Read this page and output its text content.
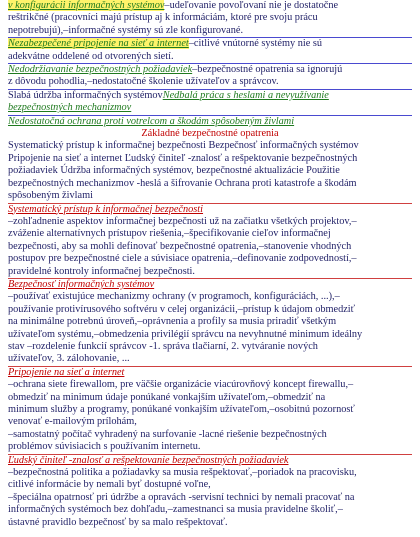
v konfigurácii informačných systémov–udeľovanie povoľovaní nie je dostatočne

reštrikčné (pracovníci majú prístup aj k informáciám, ktoré pre svoju prácu

nepotrebujú),–informačné systémy sú zle konfigurované.

Nezabezpečené pripojenie na sieť a internet–citlivé vnútorné systémy nie sú

adekvátne oddelené od otvorených sietí.

Nedodržiavanie bezpečnostných požiadaviek–bezpečnostné opatrenia sa ignorujú

z dôvodu pohodlia,–nedostatočné školenie užívateľov a správcov.

Slabá údržba informačných systémovNedbalá práca s heslami a nevyužívanie

bezpečnostných mechanizmov

Nedostatočná ochrana proti votrelcom a škodám spôsobeným živlami

Základné bezpečnostné opatrenia

Systematický prístup k informačnej bezpečnosti Bezpečnosť informačných systémov

Pripojenie na sieť a internet Ľudský činiteľ -znalosť a rešpektovanie bezpečnostných

požiadaviek Údržba informačných systémov, bezpečnostné aktualizácie Použitie

bezpečnostných mechanizmov -heslá a šifrovanie Ochrana proti katastrofe a škodám

spôsobeným živlami

Systematický prístup k informačnej bezpečnosti

–zohľadnenie aspektov informačnej bezpečnosti už na začiatku všetkých projektov,–

zváženie alternatívnych prístupov riešenia,–špecifikovanie cieľov informačnej

bezpečnosti, aby sa mohli definovať bezpečnostné opatrenia,–stanovenie vhodných

postupov pre bezpečnostné ciele a súvisiace opatrenia,–definovanie zodpovedností,–

pravidelné kontroly informačnej bezpečnosti.

Bezpečnosť informačných systémov

–používať existujúce mechanizmy ochrany (v programoch, konfiguráciách, ...),–

používanie protivírusového softvéru v celej organizácii,–prístup k údajom obmedziť

na minimálne potrebnú úroveň,–oprávnenia a profily sa musia priradiť všetkým

užívateľom systému,–obmedzenia privilégií správcu na nevyhnutné minimum ideálny

stav –rozdelenie funkcií správcov -1. správa tlačiarní, 2. vytváranie nových

užívateľov, 3. zálohovanie, ...

Pripojenie na sieť a internet

–ochrana siete firewallom, pre väčšie organizácie viacúrovňový koncept firewallu,–

obmedziť na minimum údaje ponúkané vonkajším užívateľom,–obmedziť na

minimum služby a programy, ponúkané vonkajším užívateľom,–osobitnú pozornosť

venovať e-mailovým prílohám,

–samostatný počítač vyhradený na surfovanie -lacné riešenie bezpečnostných

problémov súvisiacich s používaním internetu.

Ľudský činiteľ -znalosť a rešpektovanie bezpečnostných požiadaviek

–bezpečnostná politika a požiadavky sa musia rešpektovať,–poriadok na pracovisku,

citlivé informácie by nemali byť dostupné voľne,

–špeciálna opatrnosť pri údržbe a opravách -servisní technici by nemali pracovať na

informačných systémoch bez dohľadu,–zamestnanci sa musia pravidelne školiť,–

ústavné pravidlo bezpečnosť by sa malo rešpektovať.
